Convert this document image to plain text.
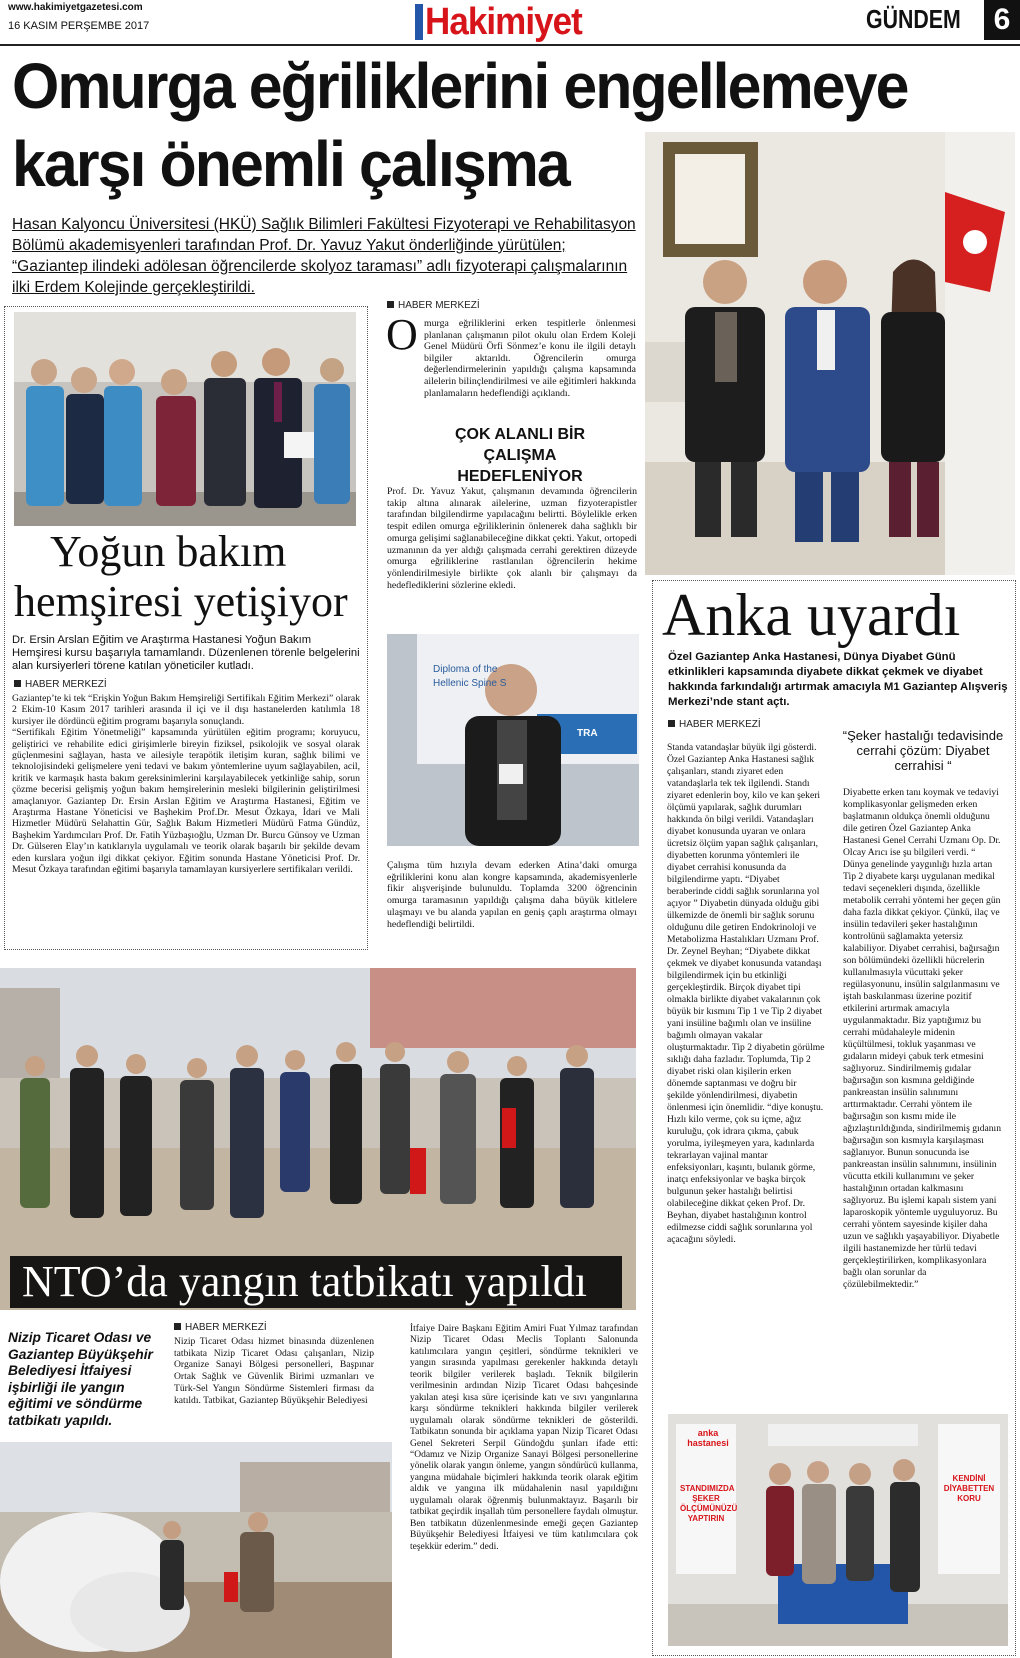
www.hakimiyetgazetesi.com
16 KASIM PERŞEMBE 2017	Hakimiyet	GÜNDEM	6
Omurga eğriliklerini engellemeye
karşı önemli çalışma
Hasan Kalyoncu Üniversitesi (HKÜ) Sağlık Bilimleri Fakültesi Fizyoterapi ve Rehabilitasyon Bölümü akademisyenleri tarafından Prof. Dr. Yavuz Yakut önderliğinde yürütülen; “Gaziantep ilindeki adölesan öğrencilerde skolyoz taraması” adlı fizyoterapi çalışmalarının ilki Erdem Kolejinde gerçekleştirildi.
Yoğun bakım
hemşiresi yetişiyor
Dr. Ersin Arslan Eğitim ve Araştırma Hastanesi Yoğun Bakım Hemşiresi kursu başarıyla tamamlandı. Düzenlenen törenle belgelerini alan kursiyerleri törene katılan yöneticiler kutladı.
HABER MERKEZİ

Gaziantep’te ki tek “Erişkin Yoğun Bakım Hemşireliği Sertifikalı Eğitim Merkezi” olarak 2 Ekim-10 Kasım 2017 tarihleri arasında il içi ve il dışı hastanelerden katılımla 18 kursiyer ile dördüncü eğitim programı başarıyla sonuçlandı.

“Sertifikalı Eğitim Yönetmeliği” kapsamında yürütülen eğitim programı; koruyucu, geliştirici ve rehabilite edici girişimlerle bireyin fiziksel, psikolojik ve sosyal olarak güçlenmesini sağlayan, hasta ve ailesiyle terapötik iletişim kuran, sağlık bilimi ve teknolojisindeki gelişmelere yeni tedavi ve bakım yöntemlerine uyum sağlayabilen, acil, kritik ve karmaşık hasta bakım gereksinimlerini karşılayabilecek yetkinliğe sahip, sorun çözme becerisi gelişmiş yoğun bakım hemşirelerinin mesleki bilgilerinin geliştirilmesi amaçlanıyor. Gaziantep Dr. Ersin Arslan Eğitim ve Araştırma Hastanesi, Eğitim ve Araştırma Hastane Yöneticisi ve Başhekim Prof.Dr. Mesut Özkaya, İdari ve Mali Hizmetler Müdürü Selahattin Gür, Sağlık Bakım Hizmetleri Müdürü Fatma Gündüz, Başhekim Yardımcıları Prof. Dr. Fatih Yüzbaşıoğlu, Uzman Dr. Burcu Günsoy ve Uzman Dr. Gülseren Elay’ın katıklarıyla uygulamalı ve teorik olarak başarılı bir şekilde devam eden kurslara yoğun ilgi dikkat çekiyor. Eğitim sonunda Hastane Yöneticisi Prof. Dr. Mesut Özkaya tarafından eğitimi başarıyla tamamlayan kursiyerlere sertifikaları verildi.

HABER MERKEZİ
O murga eğriliklerini erken tespitlerle önlenmesi planlanan çalışmanın pilot okulu olan Erdem Koleji Genel Müdürü Örfi Sönmez’e konu ile ilgili detaylı bilgiler aktarıldı. Öğrencilerin omurga değerlendirmelerinin yapıldığı çalışma kapsamında ailelerin bilinçlendirilmesi ve aile eğitimleri hakkında planlamaların hedeflendiği açıklandı.
ÇOK ALANLI BİR ÇALIŞMA HEDEFLENİYOR
Prof. Dr. Yavuz Yakut, çalışmanın devamında öğrencilerin takip altına alınarak ailelerine, uzman fizyoterapistler tarafından bilgilendirme yapılacağını belirtti. Böylelikle erken tespit edilen omurga eğriliklerinin önlenerek daha sağlıklı bir omurga gelişimi sağlanabileceğine dikkat çekti. Yakut, ortopedi uzmanının da yer aldığı çalışmada cerrahi gerektiren düzeyde omurga eğriliklerine rastlanılan öğrencilerin hekime yönlendirilmesiyle birlikte çok alanlı bir çalışmayı da hedeflediklerini sözlerine ekledi.
Diploma of the
Hellenic Spine S
TRA
Çalışma tüm hızıyla devam ederken Atina’daki omurga eğriliklerini konu alan kongre kapsamında, akademisyenlerle fikir alışverişinde bulunuldu. Toplamda 3200 öğrencinin omurga taramasının yapıldığı çalışma daha büyük kitlelere ulaşmayı ve bu alanda yapılan en geniş çaplı araştırma olmayı hedeflendiği belirtildi.
Anka uyardı
Özel Gaziantep Anka Hastanesi, Dünya Diyabet Günü etkinlikleri kapsamında diyabete dikkat çekmek ve diyabet hakkında farkındalığı artırmak amacıyla M1 Gaziantep Alışveriş Merkezi’nde stant açtı.
HABER MERKEZİ
Standa vatandaşlar büyük ilgi gösterdi. Özel Gaziantep Anka Hastanesi sağlık çalışanları, standı ziyaret eden vatandaşlarla tek tek ilgilendi. Standı ziyaret edenlerin boy, kilo ve kan şekeri ölçümü yapılarak, sağlık durumları hakkında ön bilgi verildi. Vatandaşları diyabet konusunda uyaran ve onlara ücretsiz ölçüm yapan sağlık çalışanları, diyabetten korunma yöntemleri ile diyabet cerrahisi konusunda da bilgilendirme yaptı. “Diyabet beraberinde ciddi sağlık sorunlarına yol açıyor ” Diyabetin dünyada olduğu gibi ülkemizde de önemli bir sağlık sorunu olduğunu dile getiren Endokrinoloji ve Metabolizma Hastalıkları Uzmanı Prof. Dr. Zeynel Beyhan; “Diyabete dikkat çekmek ve diyabet konusunda vatandaşı bilgilendirmek için bu etkinliği gerçekleştirdik. Birçok diyabet tipi olmakla birlikte diyabet vakalarının çok büyük bir kısmını Tip 1 ve Tip 2 diyabet yani insüline bağımlı olan ve insüline bağımlı olmayan vakalar oluşturmaktadır. Tip 2 diyabetin görülme sıklığı daha fazladır. Toplumda, Tip 2 diyabet riski olan kişilerin erken dönemde saptanması ve doğru bir şekilde yönlendirilmesi, diyabetin önlenmesi için önemlidir. “diye konuştu. Hızlı kilo verme, çok su içme, ağız kuruluğu, çok idrara çıkma, çabuk yorulma, iyileşmeyen yara, kadınlarda tekrarlayan vajinal mantar enfeksiyonları, kaşıntı, bulanık görme, inatçı enfeksiyonlar ve başka birçok bulgunun şeker hastalığı belirtisi olabileceğine dikkat çeken Prof. Dr. Beyhan, diyabet hastalığının kontrol edilmezse ciddi sağlık sorunlarına yol açacağını söyledi.
“Şeker hastalığı tedavisinde cerrahi çözüm: Diyabet cerrahisi “
Diyabette erken tanı koymak ve tedaviyi komplikasyonlar gelişmeden erken başlatmanın oldukça önemli olduğunu dile getiren Özel Gaziantep Anka Hastanesi Genel Cerrahi Uzmanı Op. Dr. Olcay Arıcı ise şu bilgileri verdi. “ Dünya genelinde yaygınlığı hızla artan Tip 2 diyabete karşı uygulanan medikal tedavi seçenekleri dışında, özellikle metabolik cerrahi yöntemi her geçen gün daha fazla dikkat çekiyor. Çünkü, ilaç ve insülin tedavileri şeker hastalığının kontrolünü sağlamakta yetersiz kalabiliyor. Diyabet cerrahisi, bağırsağın son bölümündeki özellikli hücrelerin kullanılmasıyla vücuttaki şeker regülasyonunu, insülin salgılanmasını ve iştah baskılanması üzerine pozitif etkilerini artırmak amacıyla uygulanmaktadır. Biz yaptığımız bu cerrahi müdahaleyle midenin küçültülmesi, tokluk yaşanması ve gıdaların mideyi çabuk terk etmesini sağlıyoruz. Sindirilmemiş gıdalar bağırsağın son kısmına geldiğinde pankreastan insülin salınımını arttırmaktadır. Cerrahi yöntem ile bağırsağın son kısmı mide ile ağızlaştırıldığında, sindirilmemiş gıdanın bağırsağın son kısmıyla karşılaşması sağlanıyor. Bunun sonucunda ise pankreastan insülin salınımını, insülinin vücutta etkili kullanımını ve şeker hastalığının ortadan kalkmasını sağlıyoruz. Bu işlemi kapalı sistem yani laparoskopik yöntemle uyguluyoruz. Bu cerrahi yöntem sayesinde kişiler daha uzun ve sağlıklı yaşayabiliyor. Diyabetle ilgili hastanemizde her türlü tedavi gerçekleştirilirken, komplikasyonlara bağlı olan sorunlar da çözülebilmektedir.”
anka hastanesi
STANDIMIZDA ŞEKER ÖLÇÜMÜNÜZÜ YAPTIRIN
KENDİNİ DİYABETTEN KORU
NTO’da yangın tatbikatı yapıldı
Nizip Ticaret Odası ve Gaziantep Büyükşehir Belediyesi İtfaiyesi işbirliği ile yangın eğitimi ve söndürme tatbikatı yapıldı.
HABER MERKEZİ
Nizip Ticaret Odası hizmet binasında düzenlenen tatbikata Nizip Ticaret Odası çalışanları, Nizip Organize Sanayi Bölgesi personelleri, Başpınar Ortak Sağlık ve Güvenlik Birimi uzmanları ve Türk-Sel Yangın Söndürme Sistemleri firması da katıldı. Tatbikat, Gaziantep Büyükşehir Belediyesi
İtfaiye Daire Başkanı Eğitim Amiri Fuat Yılmaz tarafından Nizip Ticaret Odası Meclis Toplantı Salonunda katılımcılara yangın çeşitleri, söndürme teknikleri ve yangın sırasında yapılması gerekenler hakkında detaylı teorik bilgiler verilerek başladı. Teknik bilgilerin verilmesinin ardından Nizip Ticaret Odası bahçesinde yakılan ateşi kısa süre içerisinde katı ve sıvı yangınlarına karşı söndürme teknikleri hakkında bilgiler verilerek uygulamalı olarak söndürme teknikleri de gösterildi. Tatbikatın sonunda bir açıklama yapan Nizip Ticaret Odası Genel Sekreteri Serpil Gündoğdu şunları ifade etti: “Odamız ve Nizip Organize Sanayi Bölgesi personellerine yönelik olarak yangın önleme, yangın söndürücü kullanma, yangına müdahale biçimleri hakkında teorik olarak eğitim aldık ve yangına ilk müdahalenin nasıl yapıldığını uygulamalı olarak öğrenmiş bulunmaktayız. Başarılı bir tatbikat geçirdik inşallah tüm personellere faydalı olmuştur. Ben tatbikatın düzenlenmesinde emeği geçen Gaziantep Büyükşehir Belediyesi İtfaiyesi ve tüm katılımcılara çok teşekkür ederim.” dedi.
